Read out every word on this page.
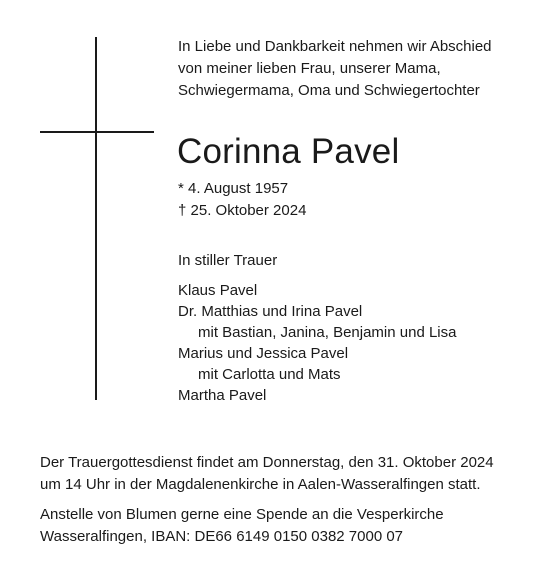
In Liebe und Dankbarkeit nehmen wir Abschied
von meiner lieben Frau, unserer Mama,
Schwiegermama, Oma und Schwiegertochter
Corinna Pavel
* 4. August 1957
† 25. Oktober 2024
In stiller Trauer
Klaus Pavel
Dr. Matthias und Irina Pavel
mit Bastian, Janina, Benjamin und Lisa
Marius und Jessica Pavel
mit Carlotta und Mats
Martha Pavel
Der Trauergottesdienst findet am Donnerstag, den 31. Oktober 2024
um 14 Uhr in der Magdalenenkirche in Aalen-Wasseralfingen statt.
Anstelle von Blumen gerne eine Spende an die Vesperkirche
Wasseralfingen, IBAN: DE66 6149 0150 0382 7000 07
